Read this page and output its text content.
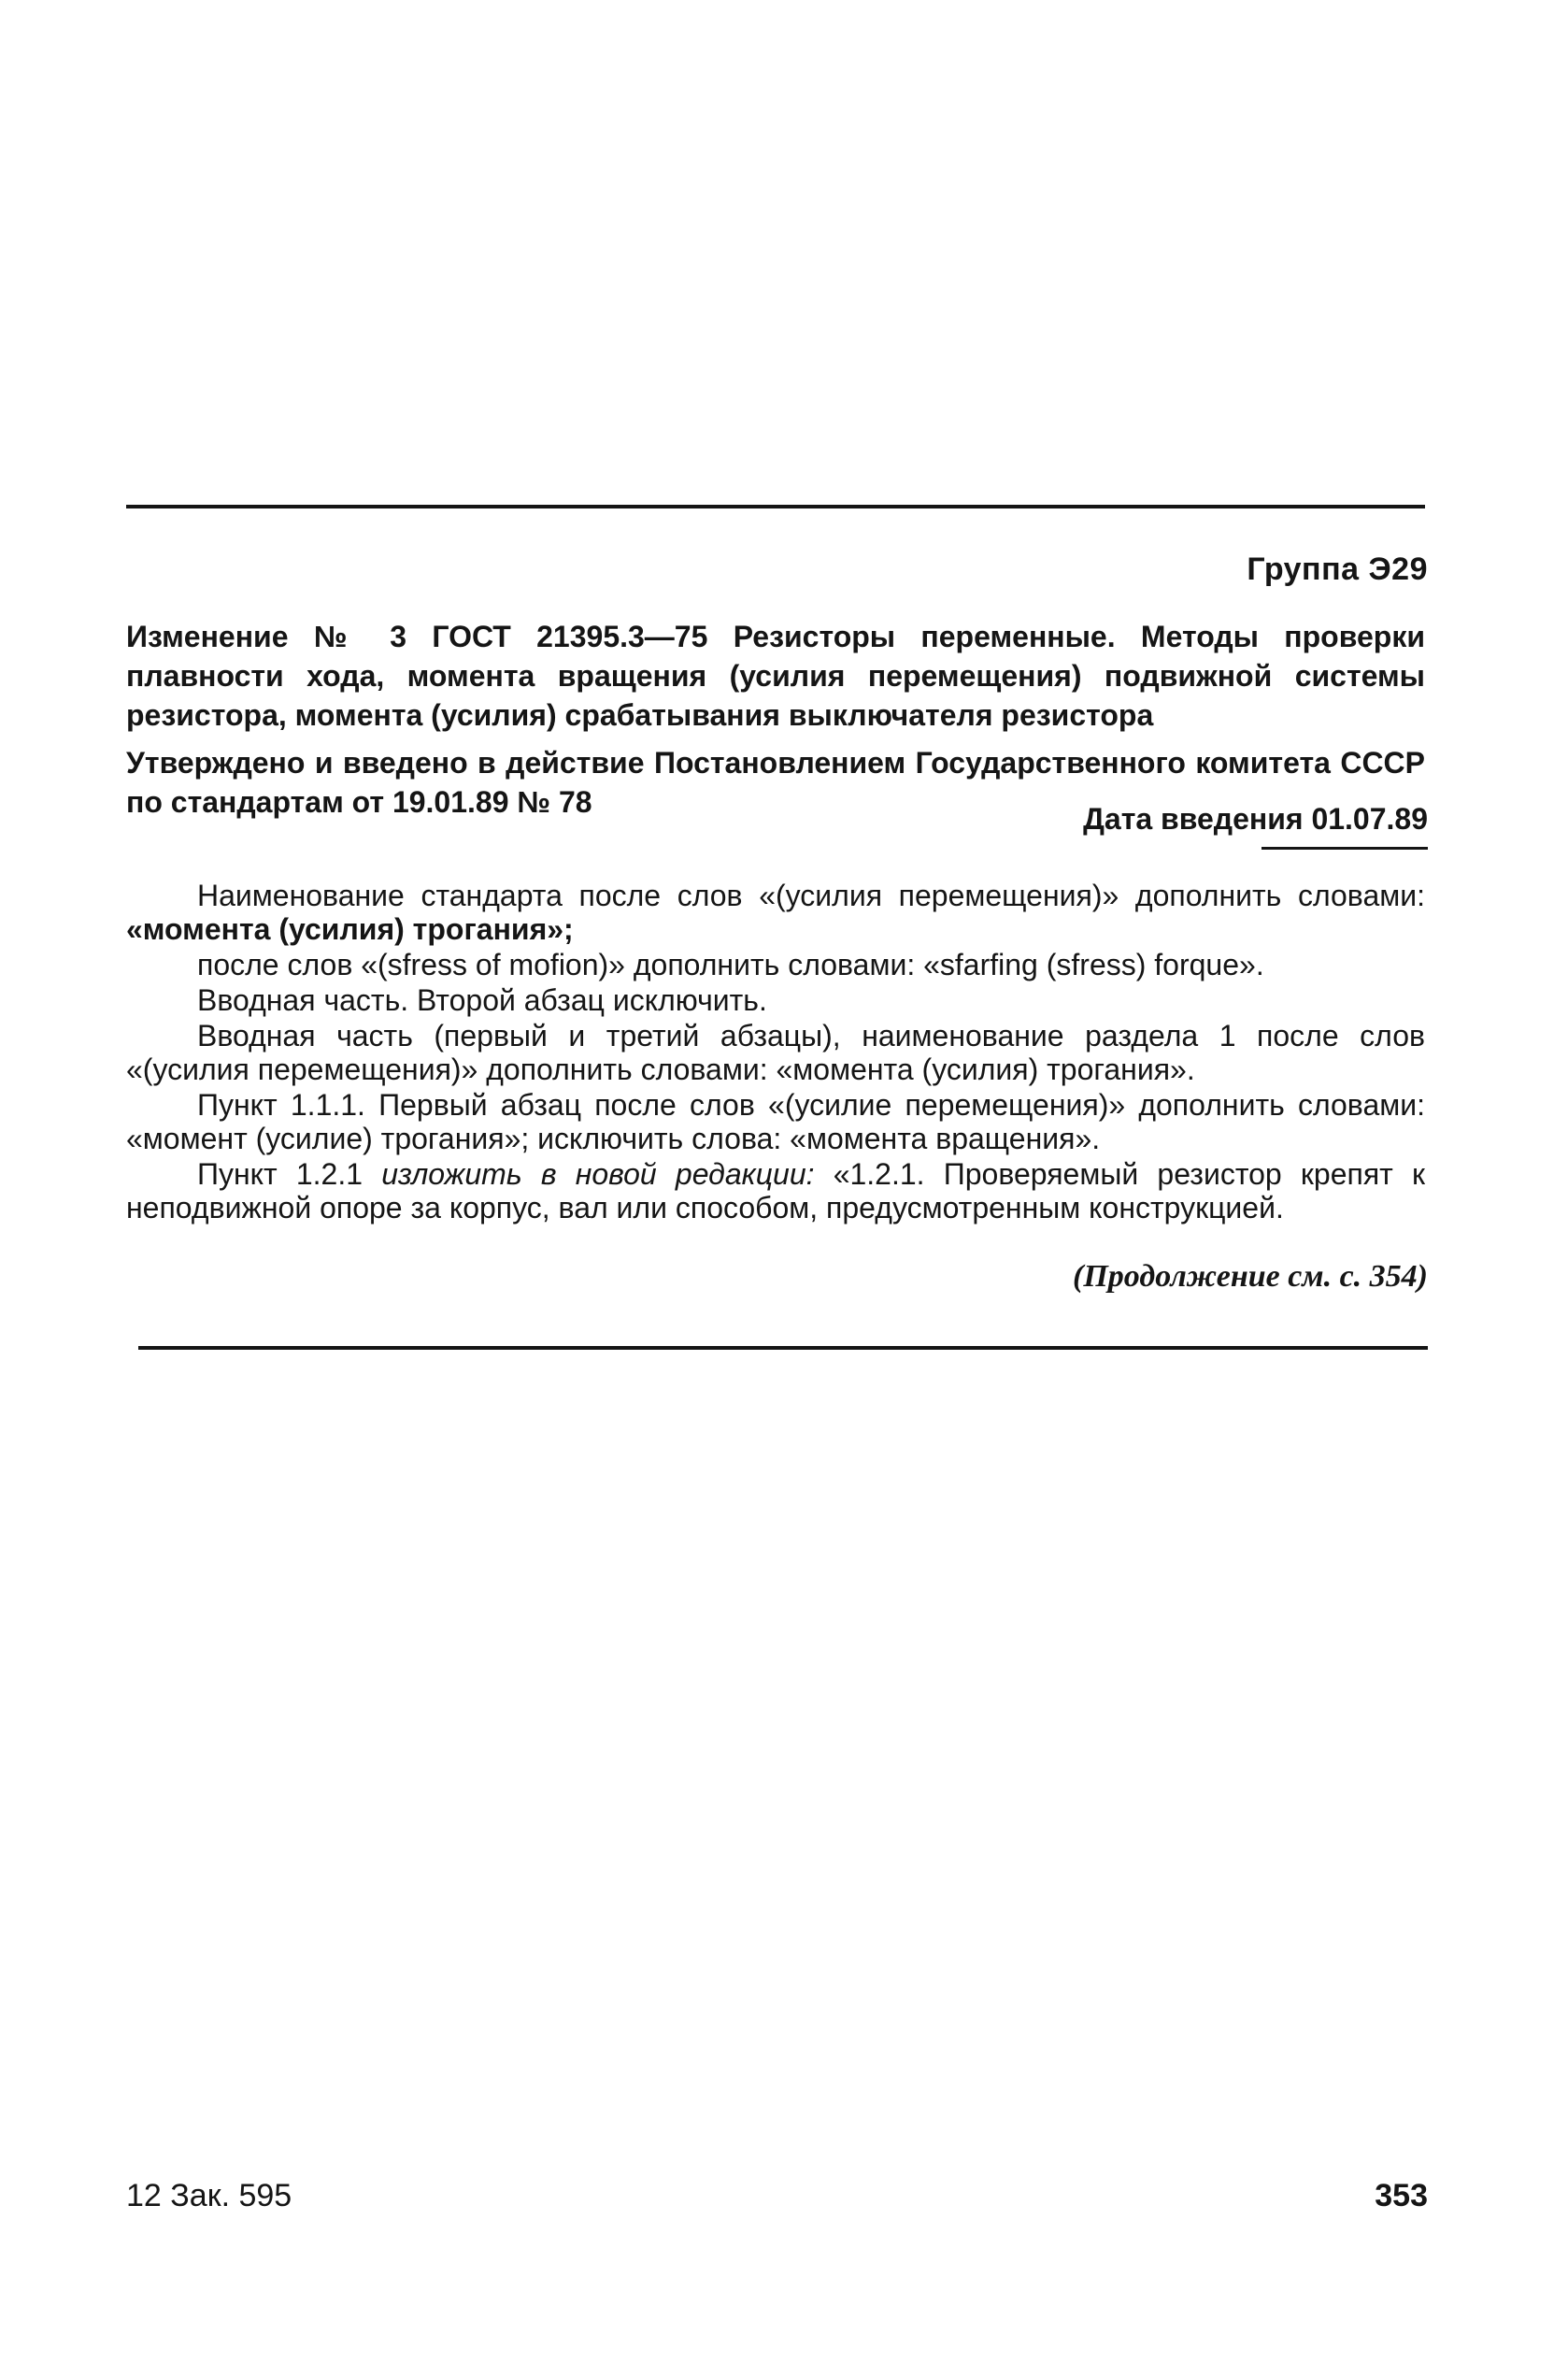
Группа Э29
Изменение № 3 ГОСТ 21395.3—75 Резисторы переменные. Методы проверки плавности хода, момента вращения (усилия перемещения) подвижной системы резистора, момента (усилия) срабатывания выключателя резистора
Утверждено и введено в действие Постановлением Государственного комитета СССР по стандартам от 19.01.89 № 78	Дата введения 01.07.89

Наименование стандарта после слов «(усилия перемещения)» дополнить словами: «момента (усилия) трогания»;

после слов «(sfress of mofion)» дополнить словами: «sfarfing (sfress) forque».

Вводная часть. Второй абзац исключить.

Вводная часть (первый и третий абзацы), наименование раздела 1 после слов «(усилия перемещения)» дополнить словами: «момента (усилия) трогания».

Пункт 1.1.1. Первый абзац после слов «(усилие перемещения)» дополнить словами: «момент (усилие) трогания»; исключить слова: «момента вращения».

Пункт 1.2.1 изложить в новой редакции: «1.2.1. Проверяемый резистор крепят к неподвижной опоре за корпус, вал или способом, предусмотренным конструкцией.

(Продолжение см. с. 354)
12 Зак. 595	353
